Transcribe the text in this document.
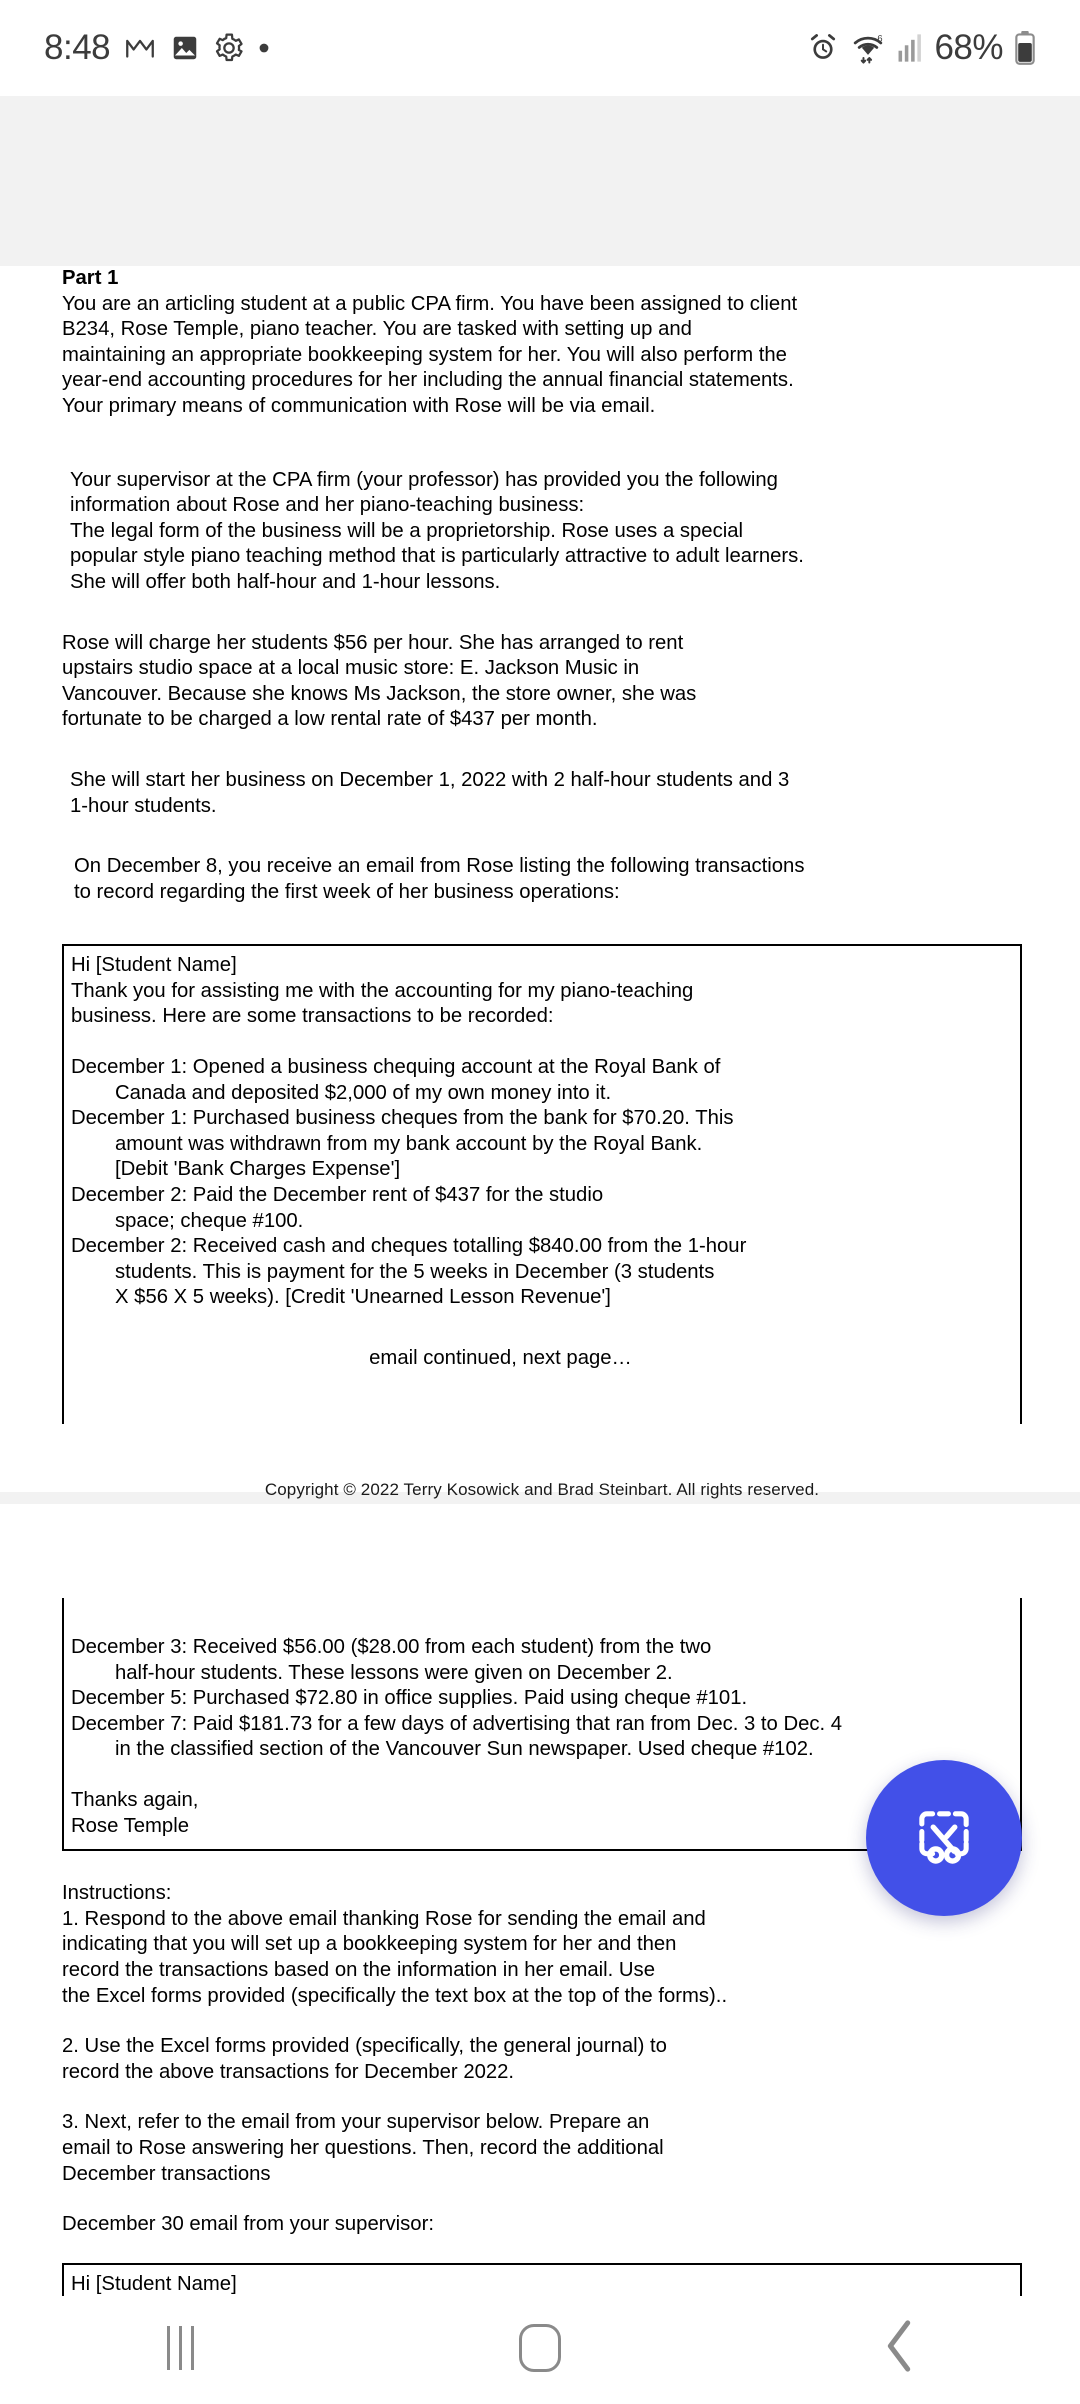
8:48	6 68%
Part 1
You are an articling student at a public CPA firm. You have been assigned to client
B234, Rose Temple, piano teacher. You are tasked with setting up and
maintaining an appropriate bookkeeping system for her. You will also perform the
year-end accounting procedures for her including the annual financial statements.
Your primary means of communication with Rose will be via email.
Your supervisor at the CPA firm (your professor) has provided you the following
information about Rose and her piano-teaching business:
The legal form of the business will be a proprietorship. Rose uses a special
popular style piano teaching method that is particularly attractive to adult learners.
She will offer both half-hour and 1-hour lessons.
Rose will charge her students $56 per hour. She has arranged to rent
upstairs studio space at a local music store: E. Jackson Music in
Vancouver. Because she knows Ms Jackson, the store owner, she was
fortunate to be charged a low rental rate of $437 per month.
She will start her business on December 1, 2022 with 2 half-hour students and 3
1-hour students.
On December 8, you receive an email from Rose listing the following transactions
to record regarding the first week of her business operations:
Hi [Student Name]
Thank you for assisting me with the accounting for my piano-teaching
business. Here are some transactions to be recorded:
December 1: Opened a business chequing account at the Royal Bank of
Canada and deposited $2,000 of my own money into it.
December 1: Purchased business cheques from the bank for $70.20. This
amount was withdrawn from my bank account by the Royal Bank.
[Debit 'Bank Charges Expense']
December 2: Paid the December rent of $437 for the studio
space; cheque #100.
December 2: Received cash and cheques totalling $840.00 from the 1-hour
students. This is payment for the 5 weeks in December (3 students
X $56 X 5 weeks). [Credit 'Unearned Lesson Revenue']
email continued, next page…
Copyright © 2022 Terry Kosowick and Brad Steinbart. All rights reserved.
December 3: Received $56.00 ($28.00 from each student) from the two
half-hour students. These lessons were given on December 2.
December 5: Purchased $72.80 in office supplies. Paid using cheque #101.
December 7: Paid $181.73 for a few days of advertising that ran from Dec. 3 to Dec. 4
in the classified section of the Vancouver Sun newspaper. Used cheque #102.
Thanks again,
Rose Temple
Instructions:
1. Respond to the above email thanking Rose for sending the email and
indicating that you will set up a bookkeeping system for her and then
record the transactions based on the information in her email. Use
the Excel forms provided (specifically the text box at the top of the forms)..
2. Use the Excel forms provided (specifically, the general journal) to
record the above transactions for December 2022.
3. Next, refer to the email from your supervisor below. Prepare an
email to Rose answering her questions. Then, record the additional
December transactions
December 30 email from your supervisor:
Hi [Student Name]
